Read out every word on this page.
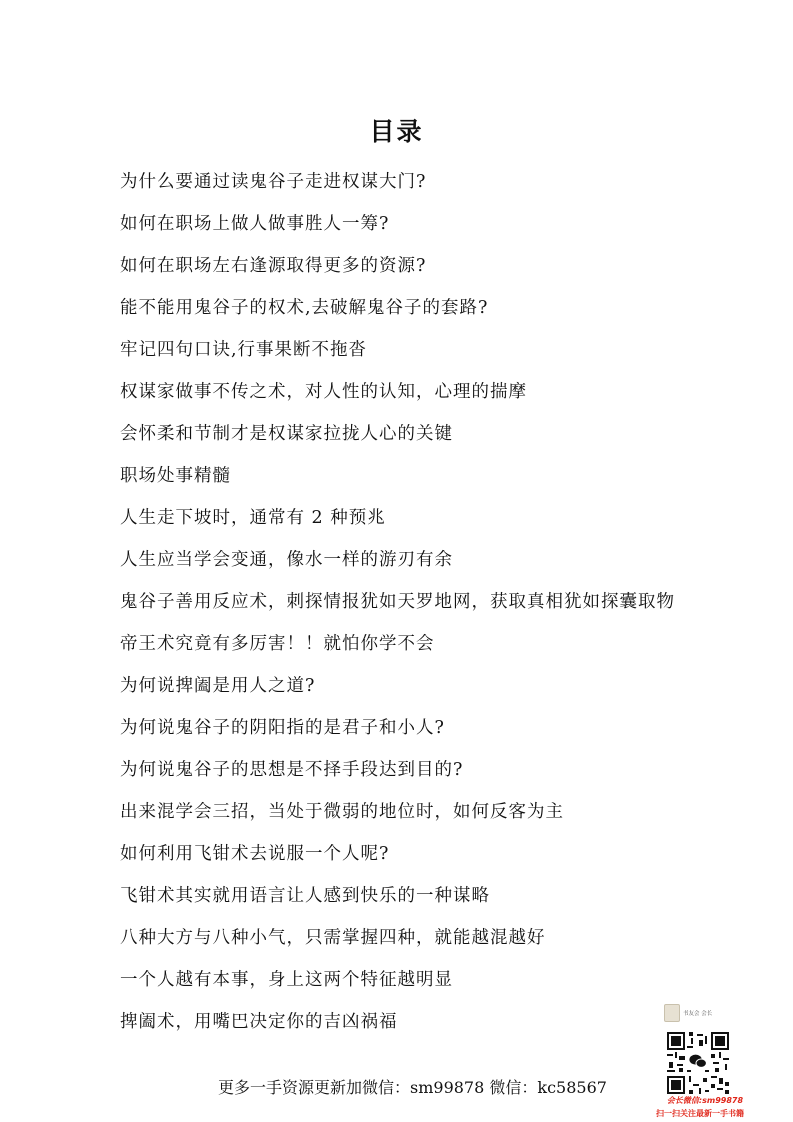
目录
为什么要通过读鬼谷子走进权谋大门?
如何在职场上做人做事胜人一筹?
如何在职场左右逢源取得更多的资源?
能不能用鬼谷子的权术,去破解鬼谷子的套路?
牢记四句口诀,行事果断不拖沓
权谋家做事不传之术，对人性的认知，心理的揣摩
会怀柔和节制才是权谋家拉拢人心的关键
职场处事精髓
人生走下坡时，通常有 2 种预兆
人生应当学会变通，像水一样的游刃有余
鬼谷子善用反应术，刺探情报犹如天罗地网，获取真相犹如探囊取物
帝王术究竟有多厉害！！就怕你学不会
为何说捭阖是用人之道?
为何说鬼谷子的阴阳指的是君子和小人?
为何说鬼谷子的思想是不择手段达到目的?
出来混学会三招，当处于微弱的地位时，如何反客为主
如何利用飞钳术去说服一个人呢?
飞钳术其实就用语言让人感到快乐的一种谋略
八种大方与八种小气，只需掌握四种，就能越混越好
一个人越有本事，身上这两个特征越明显
捭阖术，用嘴巴决定你的吉凶祸福
更多一手资源更新加微信：sm99878 微信：kc58567
书友会 会长
会长微信:sm99878
扫一扫关注最新一手书籍
